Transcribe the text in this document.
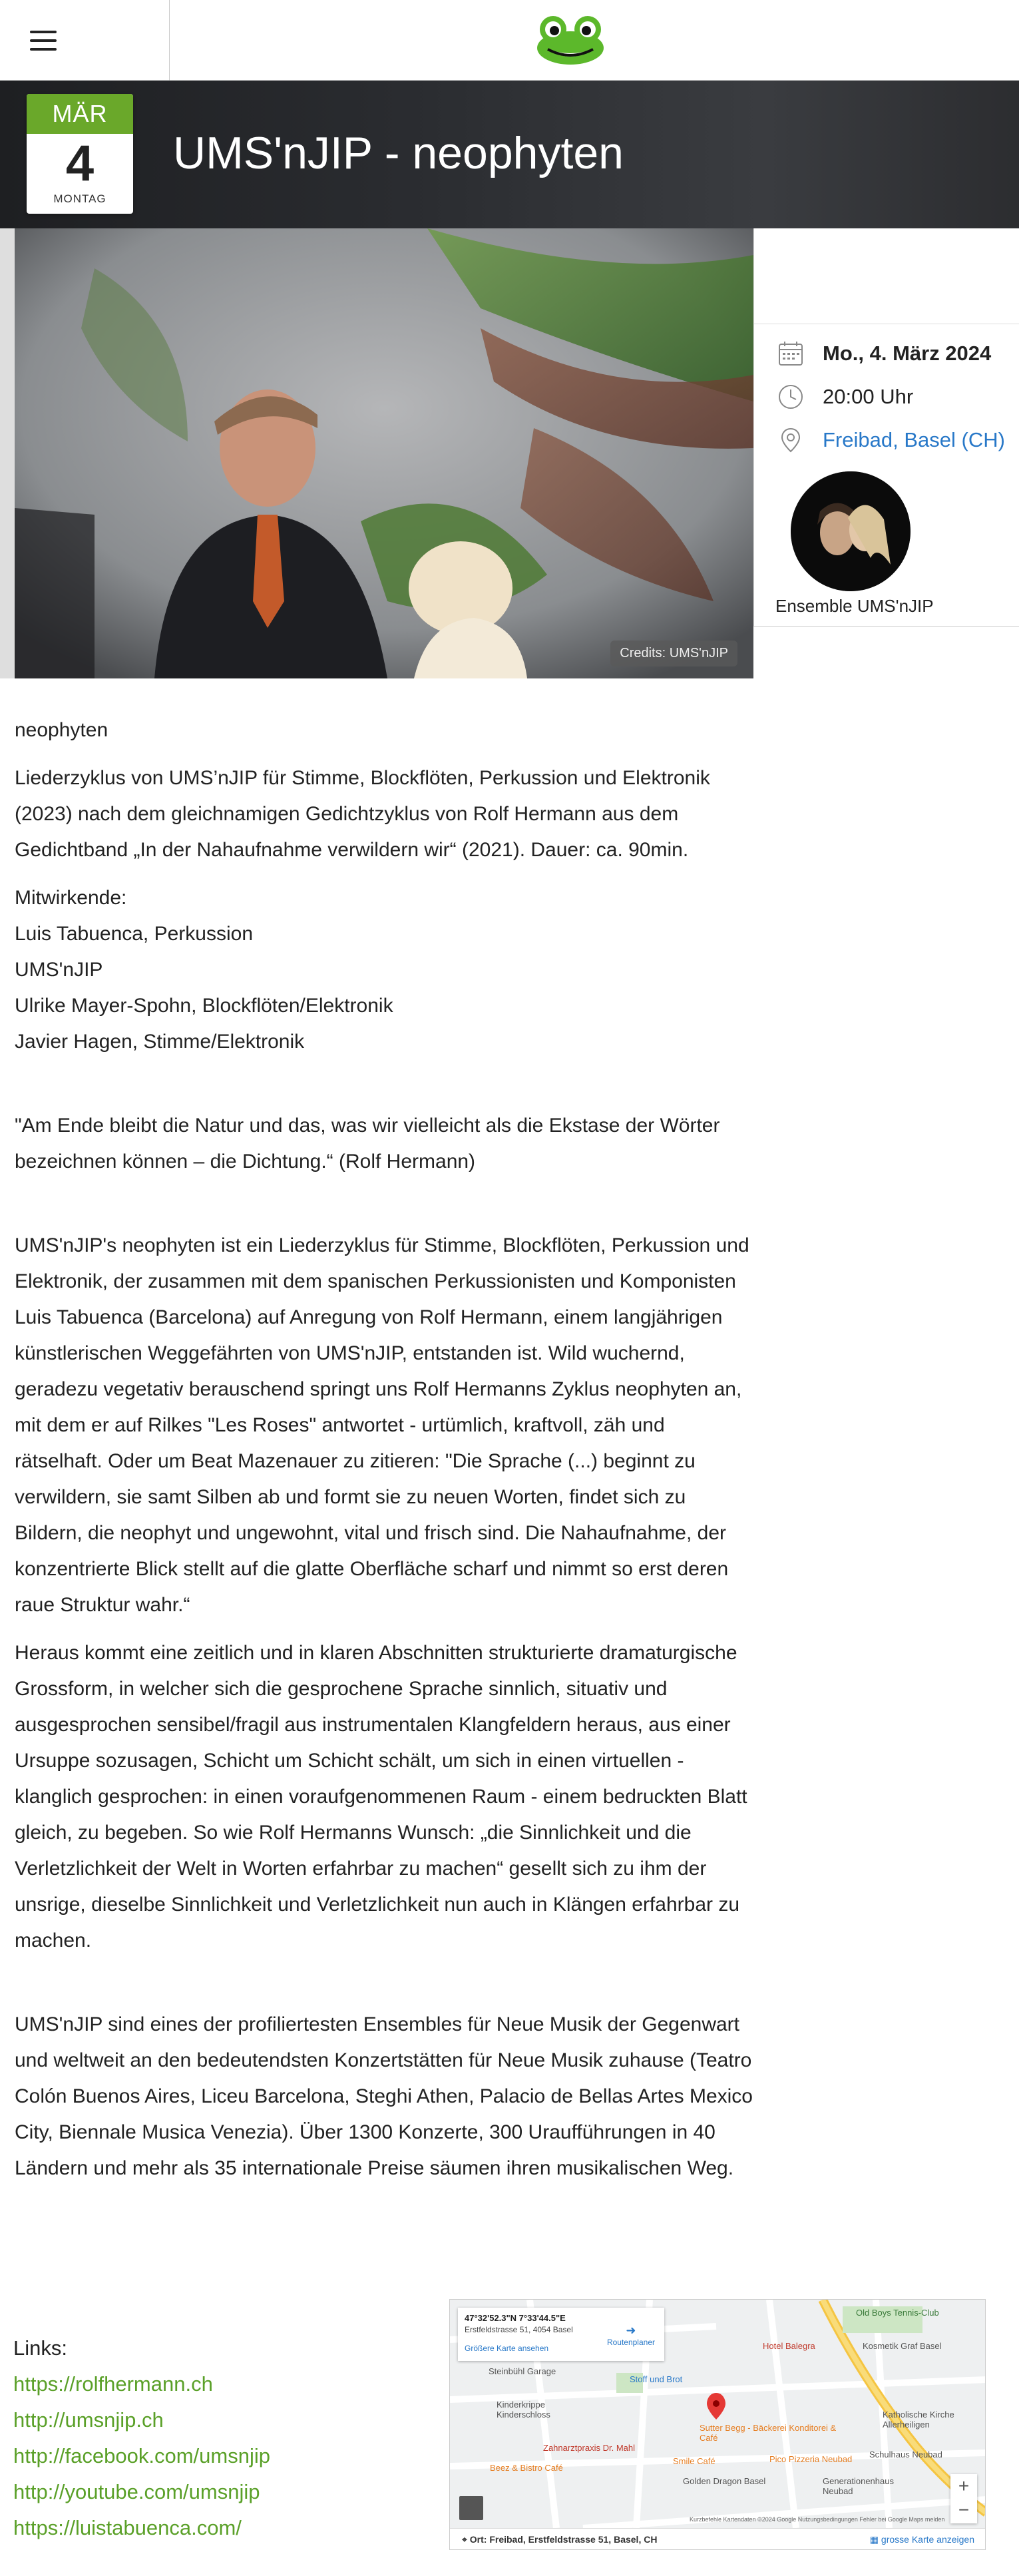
MÄR
4
MONTAG
UMS'nJIP - neophyten
Credits: UMS'nJIP
Mo., 4. März 2024
20:00 Uhr
Freibad, Basel (CH)
Ensemble UMS'nJIP

neophyten

Liederzyklus von UMS’nJIP für Stimme, Blockflöten, Perkussion und Elektronik (2023) nach dem gleichnamigen Gedichtzyklus von Rolf Hermann aus dem Gedichtband „In der Nahaufnahme verwildern wir“ (2021). Dauer: ca. 90min.

Mitwirkende:
Luis Tabuenca, Perkussion
UMS'nJIP
Ulrike Mayer-Spohn, Blockflöten/Elektronik
Javier Hagen, Stimme/Elektronik

"Am Ende bleibt die Natur und das, was wir vielleicht als die Ekstase der Wörter bezeichnen können – die Dichtung.“ (Rolf Hermann)

UMS'nJIP's neophyten ist ein Liederzyklus für Stimme, Blockflöten, Perkussion und Elektronik, der zusammen mit dem spanischen Perkussionisten und Komponisten Luis Tabuenca (Barcelona) auf Anregung von Rolf Hermann, einem langjährigen künstlerischen Weggefährten von UMS'nJIP, entstanden ist. Wild wuchernd, geradezu vegetativ berauschend springt uns Rolf Hermanns Zyklus neophyten an, mit dem er auf Rilkes "Les Roses" antwortet - urtümlich, kraftvoll, zäh und rätselhaft. Oder um Beat Mazenauer zu zitieren: "Die Sprache (...) beginnt zu verwildern, sie samt Silben ab und formt sie zu neuen Worten, findet sich zu Bildern, die neophyt und ungewohnt, vital und frisch sind. Die Nahaufnahme, der konzentrierte Blick stellt auf die glatte Oberfläche scharf und nimmt so erst deren raue Struktur wahr.“

Heraus kommt eine zeitlich und in klaren Abschnitten strukturierte dramaturgische Grossform, in welcher sich die gesprochene Sprache sinnlich, situativ und ausgesprochen sensibel/fragil aus instrumentalen Klangfeldern heraus, aus einer Ursuppe sozusagen, Schicht um Schicht schält, um sich in einen virtuellen - klanglich gesprochen: in einen voraufgenommenen Raum - einem bedruckten Blatt gleich, zu begeben. So wie Rolf Hermanns Wunsch: „die Sinnlichkeit und die Verletzlichkeit der Welt in Worten erfahrbar zu machen“ gesellt sich zu ihm der unsrige, dieselbe Sinnlichkeit und Verletzlichkeit nun auch in Klängen erfahrbar zu machen.

UMS'nJIP sind eines der profiliertesten Ensembles für Neue Musik der Gegenwart und weltweit an den bedeutendsten Konzertstätten für Neue Musik zuhause (Teatro Colón Buenos Aires, Liceu Barcelona, Steghi Athen, Palacio de Bellas Artes Mexico City, Biennale Musica Venezia). Über 1300 Konzerte, 300 Uraufführungen in 40 Ländern und mehr als 35 internationale Preise säumen ihren musikalischen Weg.

Links:
https://rolfhermann.ch
http://umsnjip.ch
http://facebook.com/umsnjip
http://youtube.com/umsnjip
https://luistabuenca.com/
47°32'52.3"N 7°33'44.5"E
Erstfeldstrasse 51, 4054 Basel
Größere Karte ansehen
➜
Routenplaner
Old Boys Tennis-Club
Hotel Balegra	Kosmetik Graf Basel
Steinbühl Garage
Stoff und Brot
Kinderkrippe Kinderschloss
Sutter Begg - Bäckerei Konditorei & Café
Katholische Kirche Allerheiligen
Zahnarztpraxis Dr. Mahl
Smile Café	Pico Pizzeria Neubad Schulhaus Neubad
Beez & Bistro Café
Golden Dragon Basel	Generationenhaus Neubad
Kurzbefehle Kartendaten ©2024 Google Nutzungsbedingungen Fehler bei Google Maps melden
+
−
⌖ Ort: Freibad, Erstfeldstrasse 51, Basel, CH	▦ grosse Karte anzeigen
